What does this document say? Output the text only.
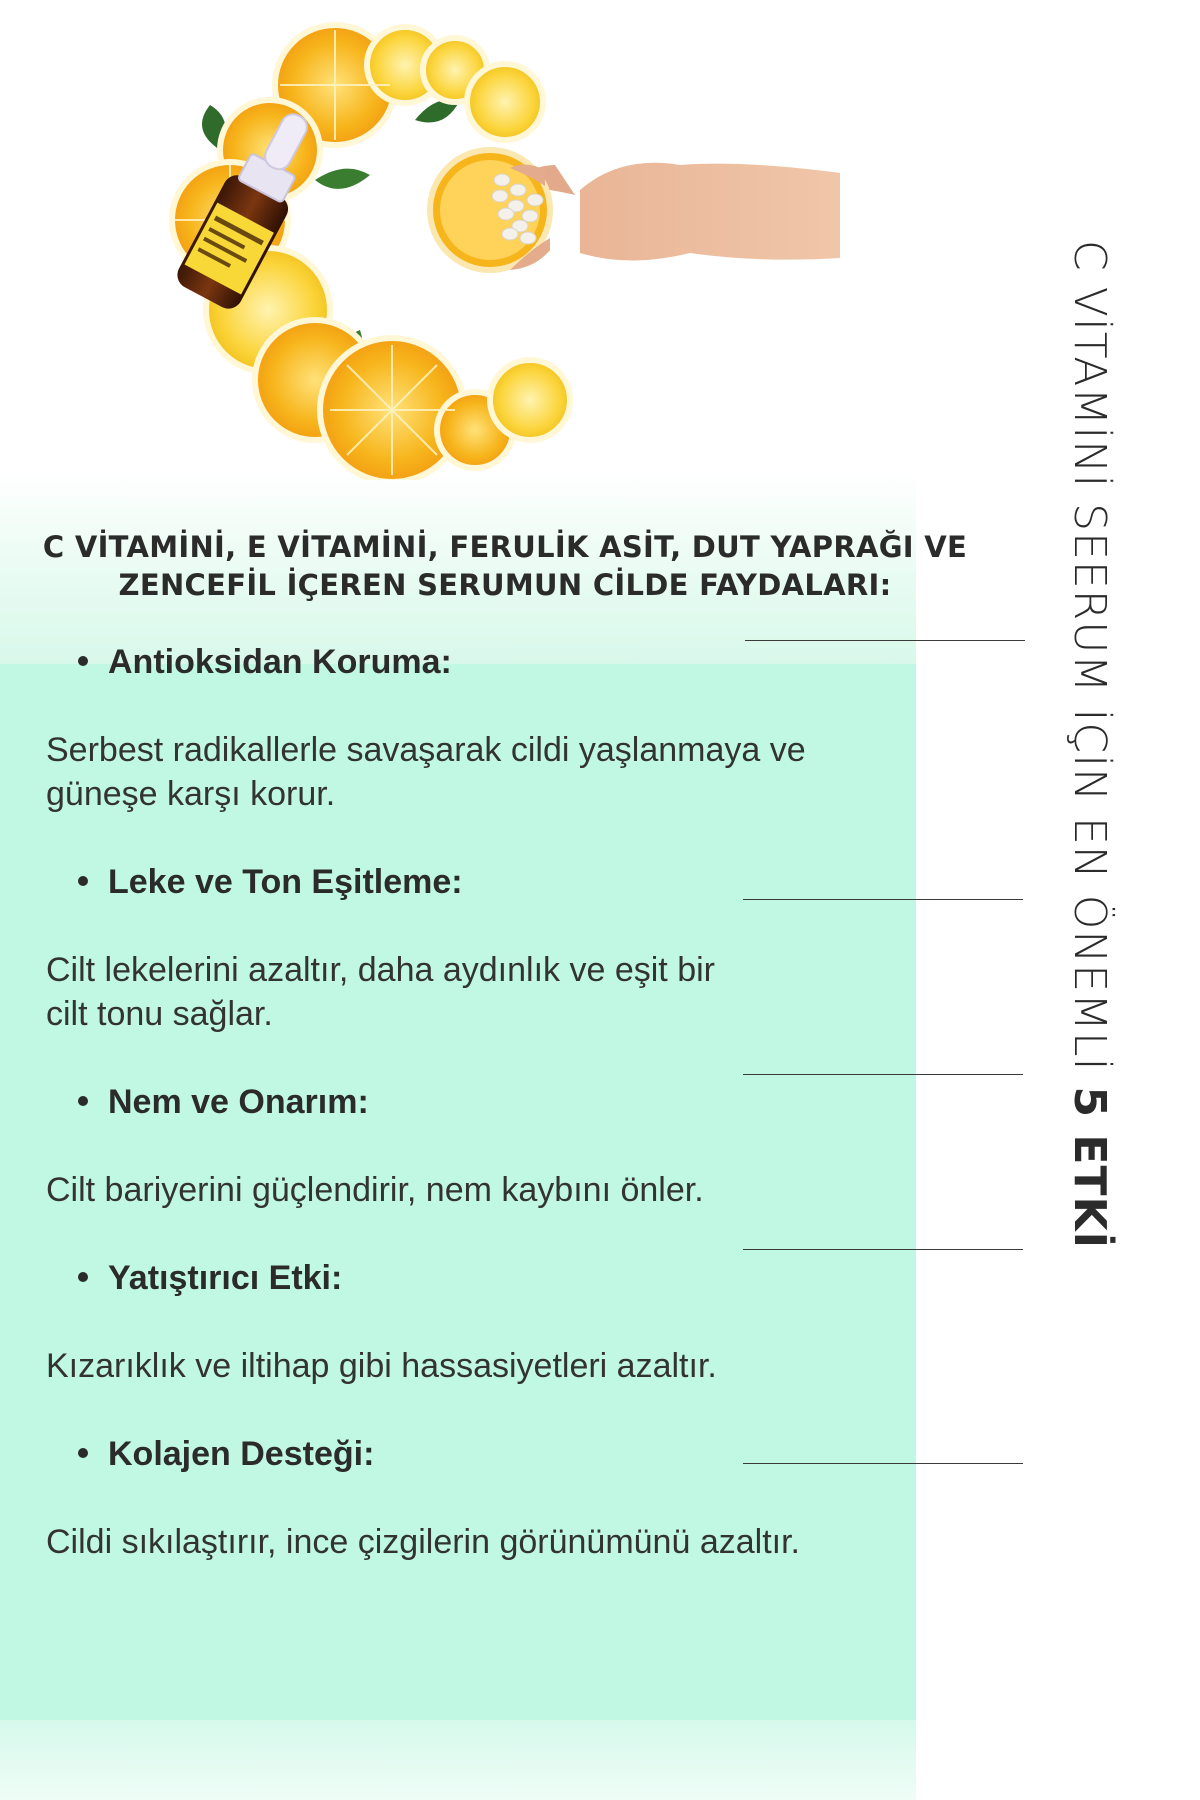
C VİTAMİNİ, E VİTAMİNİ, FERULİK ASİT, DUT YAPRAĞI VE
ZENCEFİL İÇEREN SERUMUN CİLDE FAYDALARI:
Antioksidan Koruma:

Serbest radikallerle savaşarak cildi yaşlanmaya ve
güneşe karşı korur.

Leke ve Ton Eşitleme:

Cilt lekelerini azaltır, daha aydınlık ve eşit bir
cilt tonu sağlar.

Nem ve Onarım:

Cilt bariyerini güçlendirir, nem kaybını önler.

Yatıştırıcı Etki:

Kızarıklık ve iltihap gibi hassasiyetleri azaltır.

Kolajen Desteği:

Cildi sıkılaştırır, ince çizgilerin görünümünü azaltır.

C VİTAMİNİ SEERUM İÇİN EN ÖNEMLİ 5 ETKİ
